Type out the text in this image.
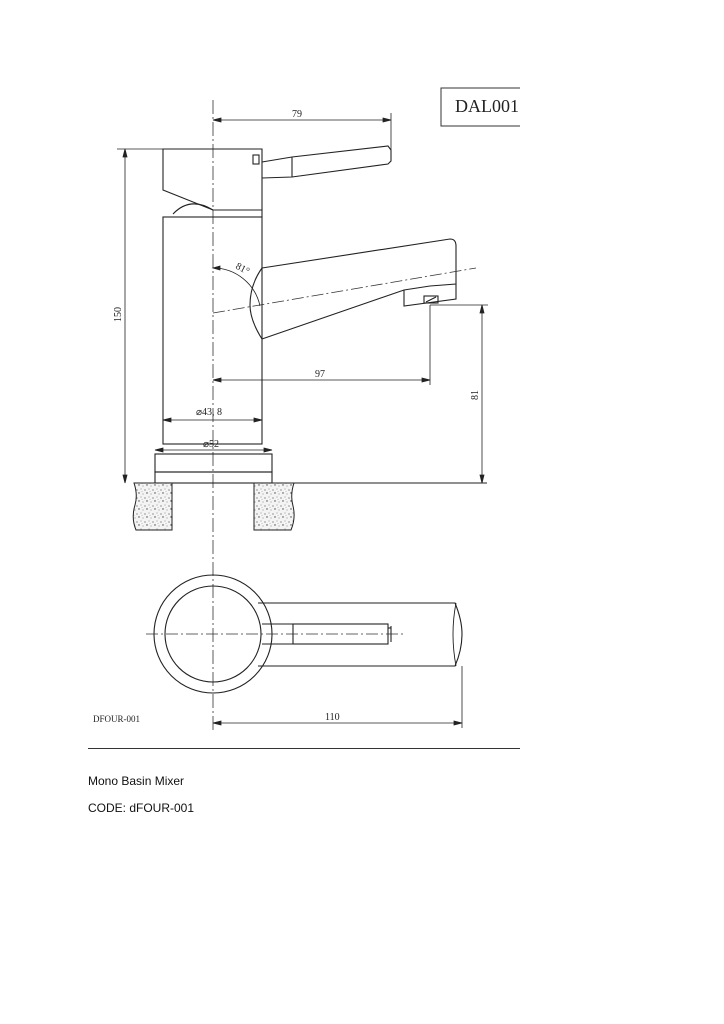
DAL001
79
150
81°
97
81
⌀43, 8
⌀52
110
DFOUR-001

Mono Basin Mixer

CODE: dFOUR-001
